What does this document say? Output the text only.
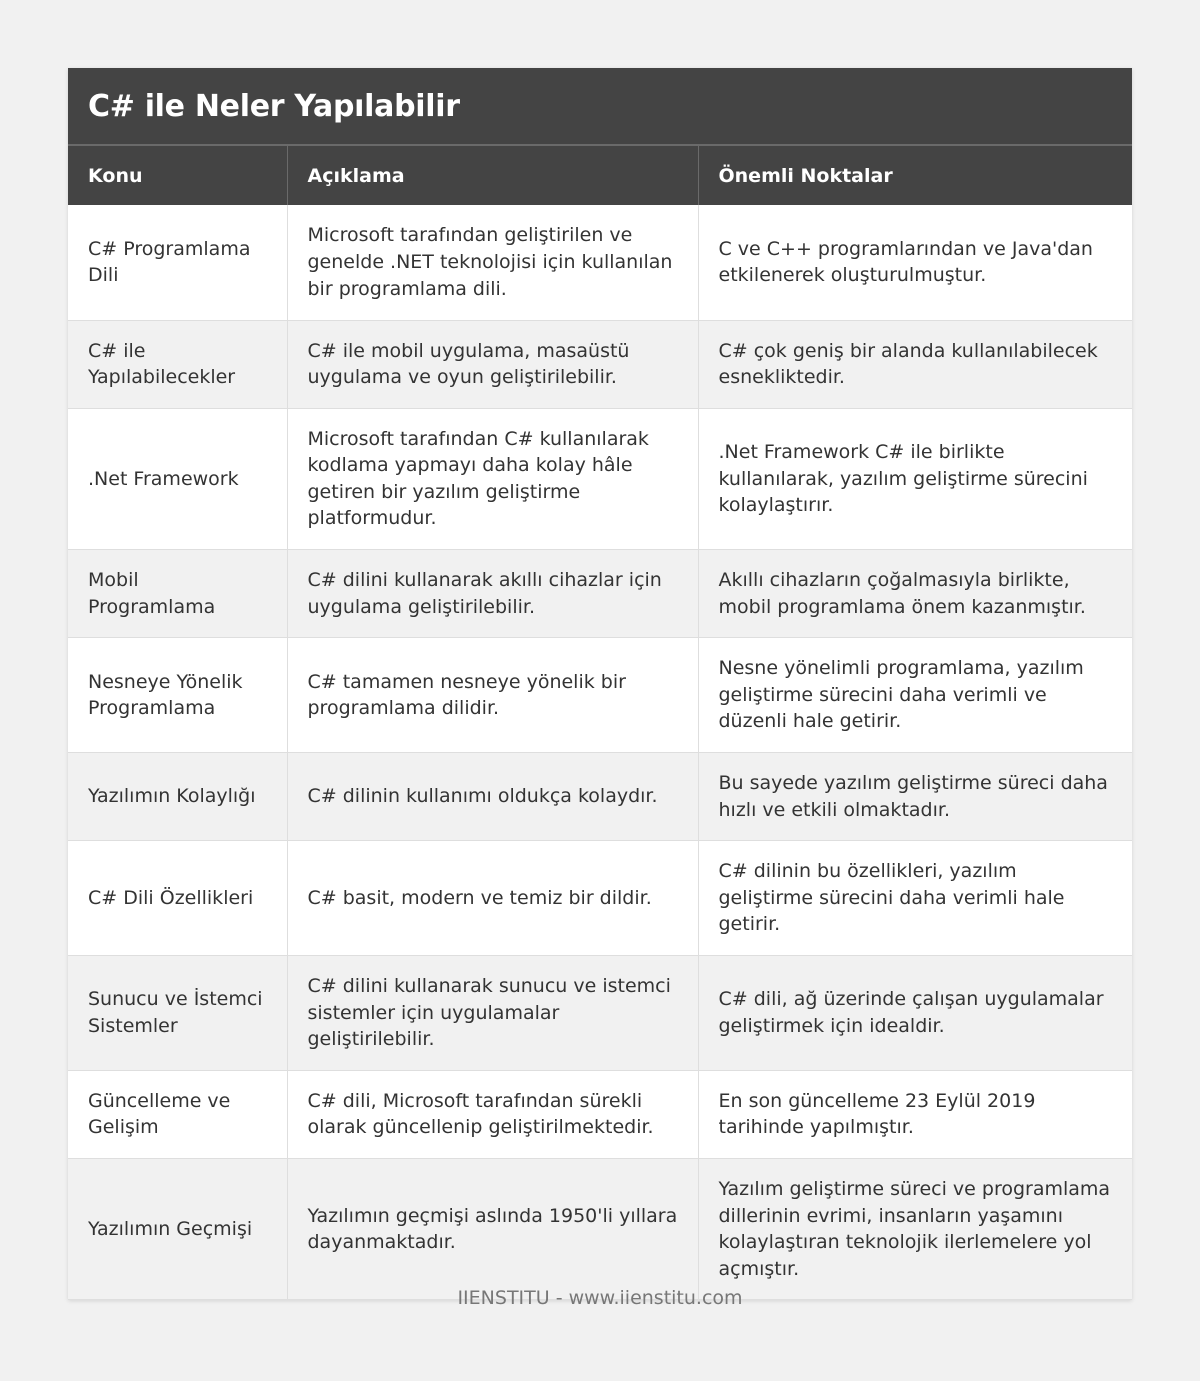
C# ile Neler Yapılabilir
Konu	Açıklama	Önemli Noktalar
C# Programlama Dili	Microsoft tarafından geliştirilen ve genelde .NET teknolojisi için kullanılan bir programlama dili.	C ve C++ programlarından ve Java'dan etkilenerek oluşturulmuştur.
C# ile Yapılabilecekler	C# ile mobil uygulama, masaüstü uygulama ve oyun geliştirilebilir.	C# çok geniş bir alanda kullanılabilecek esnekliktedir.
.Net Framework	Microsoft tarafından C# kullanılarak kodlama yapmayı daha kolay hâle getiren bir yazılım geliştirme platformudur.	.Net Framework C# ile birlikte kullanılarak, yazılım geliştirme sürecini kolaylaştırır.
Mobil Programlama	C# dilini kullanarak akıllı cihazlar için uygulama geliştirilebilir.	Akıllı cihazların çoğalmasıyla birlikte, mobil programlama önem kazanmıştır.
Nesneye Yönelik Programlama	C# tamamen nesneye yönelik bir programlama dilidir.	Nesne yönelimli programlama, yazılım geliştirme sürecini daha verimli ve düzenli hale getirir.
Yazılımın Kolaylığı	C# dilinin kullanımı oldukça kolaydır.	Bu sayede yazılım geliştirme süreci daha hızlı ve etkili olmaktadır.
C# Dili Özellikleri	C# basit, modern ve temiz bir dildir.	C# dilinin bu özellikleri, yazılım geliştirme sürecini daha verimli hale getirir.
Sunucu ve İstemci Sistemler	C# dilini kullanarak sunucu ve istemci sistemler için uygulamalar geliştirilebilir.	C# dili, ağ üzerinde çalışan uygulamalar geliştirmek için idealdir.
Güncelleme ve Gelişim	C# dili, Microsoft tarafından sürekli olarak güncellenip geliştirilmektedir.	En son güncelleme 23 Eylül 2019 tarihinde yapılmıştır.
Yazılımın Geçmişi	Yazılımın geçmişi aslında 1950'li yıllara dayanmaktadır.	Yazılım geliştirme süreci ve programlama dillerinin evrimi, insanların yaşamını kolaylaştıran teknolojik ilerlemelere yol açmıştır.
IIENSTITU - www.iienstitu.com
